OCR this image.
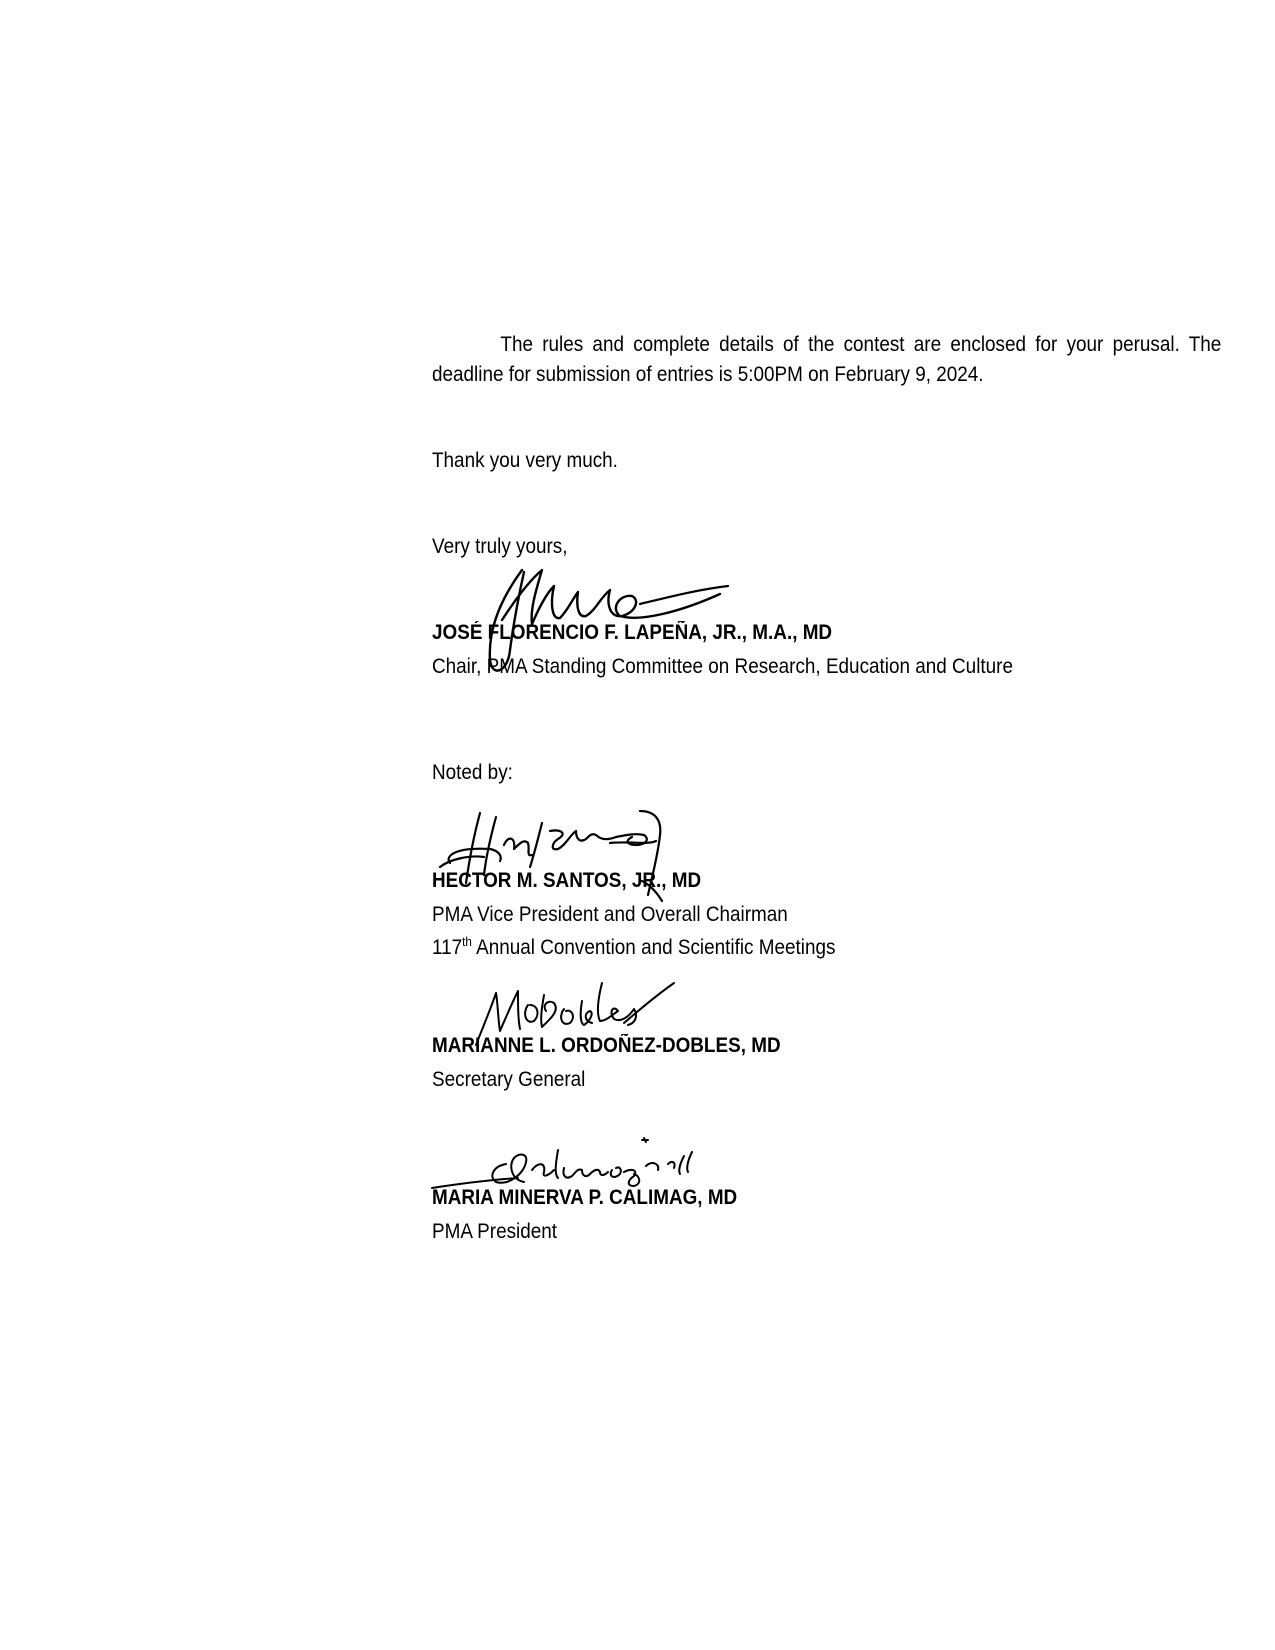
The rules and complete details of the contest are enclosed for your perusal. The deadline for submission of entries is 5:00PM on February 9, 2024.
Thank you very much.
Very truly yours,
JOSÉ FLORENCIO F. LAPEÑA, JR., M.A., MD
Chair, PMA Standing Committee on Research, Education and Culture
Noted by:
HECTOR M. SANTOS, JR., MD
PMA Vice President and Overall Chairman
117th Annual Convention and Scientific Meetings
MARIANNE L. ORDOÑEZ-DOBLES, MD
Secretary General
MARIA MINERVA P. CALIMAG, MD
PMA President
